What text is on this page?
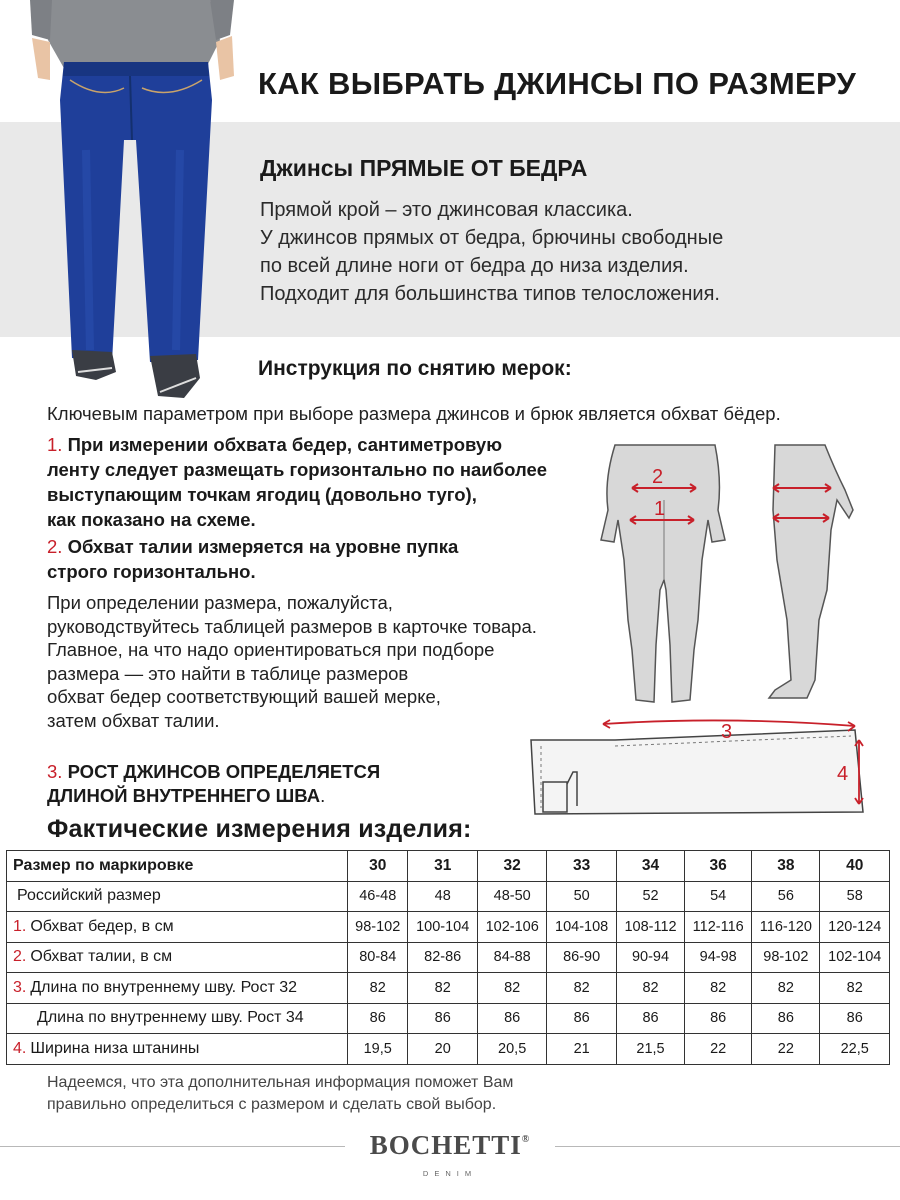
КАК ВЫБРАТЬ ДЖИНСЫ ПО РАЗМЕРУ
Джинсы ПРЯМЫЕ ОТ БЕДРА
Прямой крой – это джинсовая классика.
У джинсов прямых от бедра, брючины свободные
по всей длине ноги от бедра до низа изделия.
Подходит для большинства типов телосложения.
Инструкция по снятию мерок:
Ключевым параметром при выборе размера джинсов и брюк является обхват бёдер.
1. При измерении обхвата бедер, сантиметровую
ленту следует размещать горизонтально по наиболее
выступающим точкам ягодиц (довольно туго),
как показано на схеме.
2. Обхват талии измеряется на уровне пупка
строго горизонтально.
При определении размера, пожалуйста,
руководствуйтесь таблицей размеров в карточке товара.
Главное, на что надо ориентироваться при подборе
размера — это найти в таблице размеров
обхват бедер соответствующий вашей мерке,
затем обхват талии.
3. РОСТ ДЖИНСОВ ОПРЕДЕЛЯЕТСЯ
ДЛИНОЙ ВНУТРЕННЕГО ШВА.
2
1
3
4
Фактические измерения изделия:
Размер по маркировке	30	31	32	33	34	36	38	40
Российский размер	46-48	48	48-50	50	52	54	56	58
1. Обхват бедер, в см	98-102	100-104	102-106	104-108	108-112	112-116	116-120	120-124
2. Обхват талии, в см	80-84	82-86	84-88	86-90	90-94	94-98	98-102	102-104
3. Длина по внутреннему шву. Рост 32	82	82	82	82	82	82	82	82
Длина по внутреннему шву. Рост 34	86	86	86	86	86	86	86	86
4. Ширина низа штанины	19,5	20	20,5	21	21,5	22	22	22,5
Надеемся, что эта дополнительная информация поможет Вам
правильно определиться с размером и сделать свой выбор.
BOCHETTI®
DENIM
